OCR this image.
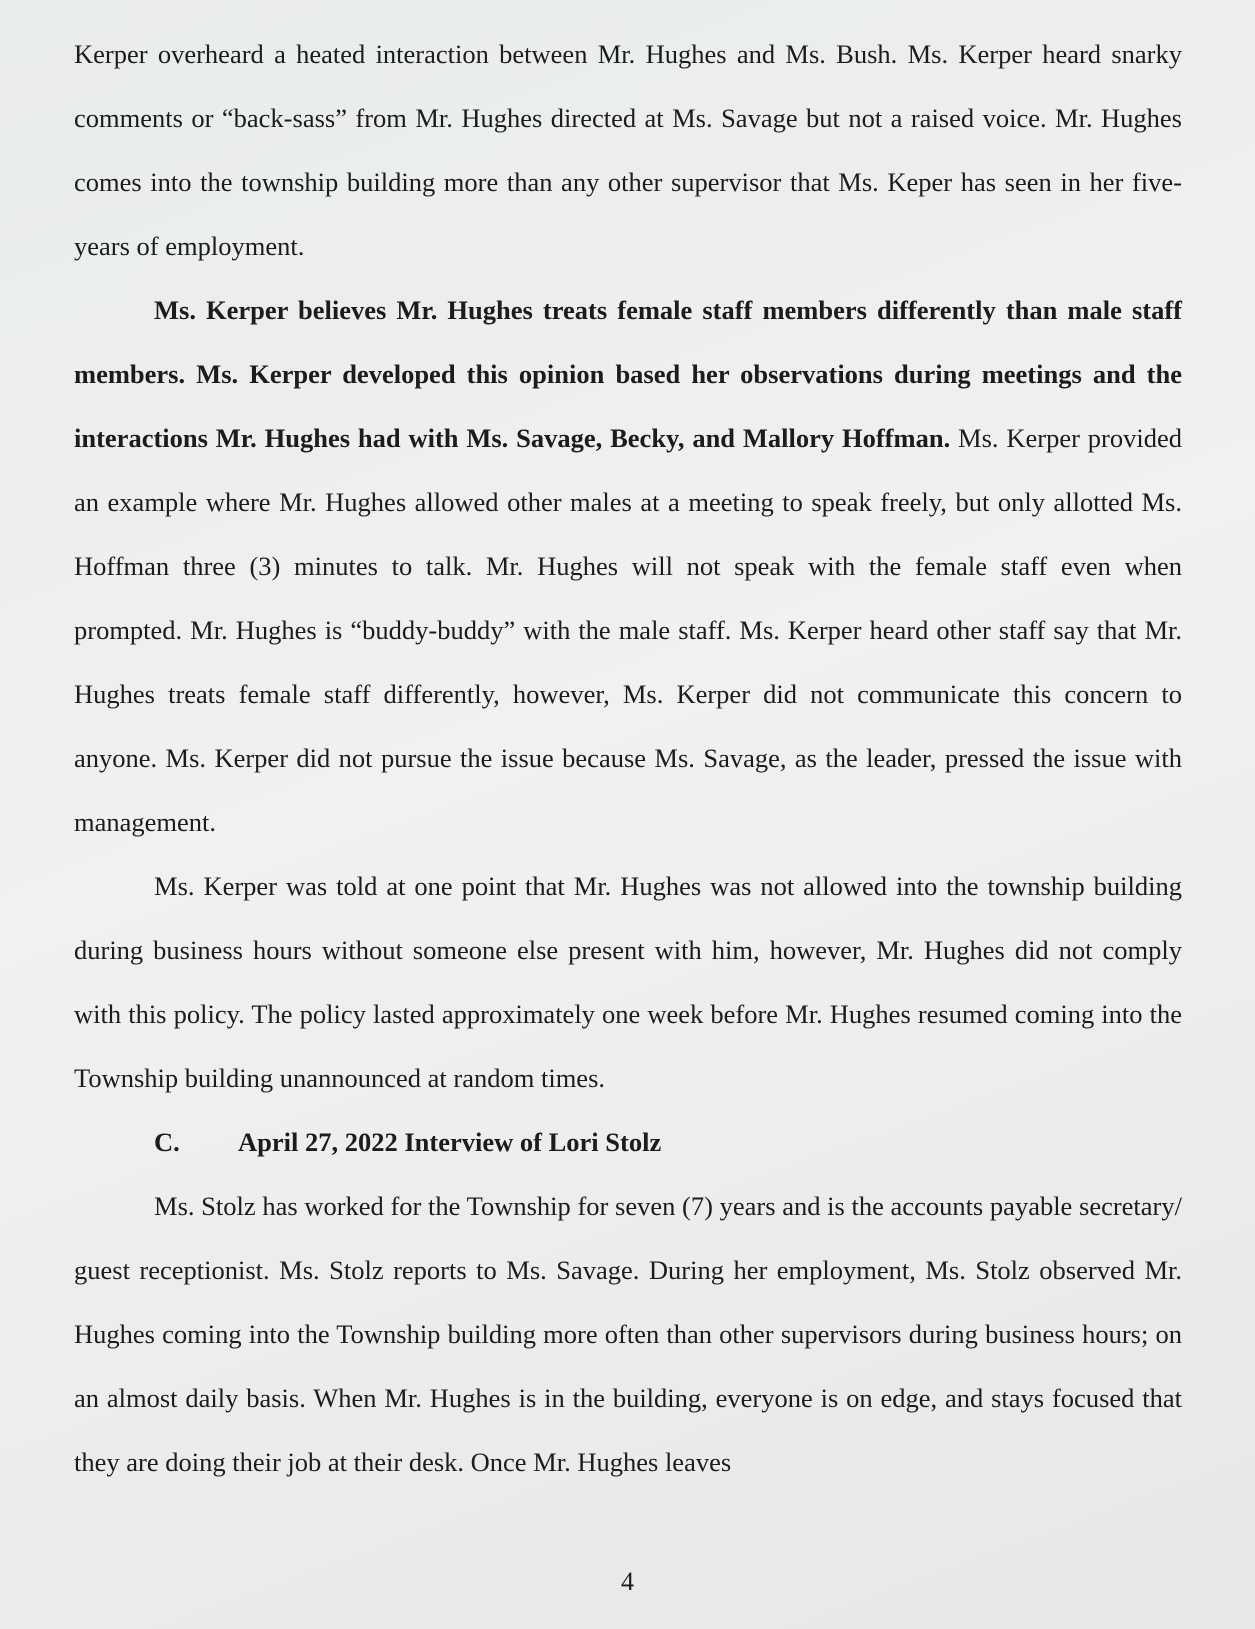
Kerper overheard a heated interaction between Mr. Hughes and Ms. Bush. Ms. Kerper heard snarky comments or “back-sass” from Mr. Hughes directed at Ms. Savage but not a raised voice. Mr. Hughes comes into the township building more than any other supervisor that Ms. Keper has seen in her five-years of employment.

Ms. Kerper believes Mr. Hughes treats female staff members differently than male staff members. Ms. Kerper developed this opinion based her observations during meetings and the interactions Mr. Hughes had with Ms. Savage, Becky, and Mallory Hoffman. Ms. Kerper provided an example where Mr. Hughes allowed other males at a meeting to speak freely, but only allotted Ms. Hoffman three (3) minutes to talk. Mr. Hughes will not speak with the female staff even when prompted. Mr. Hughes is “buddy-buddy” with the male staff. Ms. Kerper heard other staff say that Mr. Hughes treats female staff differently, however, Ms. Kerper did not communicate this concern to anyone. Ms. Kerper did not pursue the issue because Ms. Savage, as the leader, pressed the issue with management.

Ms. Kerper was told at one point that Mr. Hughes was not allowed into the township building during business hours without someone else present with him, however, Mr. Hughes did not comply with this policy. The policy lasted approximately one week before Mr. Hughes resumed coming into the Township building unannounced at random times.

C. April 27, 2022 Interview of Lori Stolz

Ms. Stolz has worked for the Township for seven (7) years and is the accounts payable secretary/ guest receptionist. Ms. Stolz reports to Ms. Savage. During her employment, Ms. Stolz observed Mr. Hughes coming into the Township building more often than other supervisors during business hours; on an almost daily basis. When Mr. Hughes is in the building, everyone is on edge, and stays focused that they are doing their job at their desk. Once Mr. Hughes leaves

4
